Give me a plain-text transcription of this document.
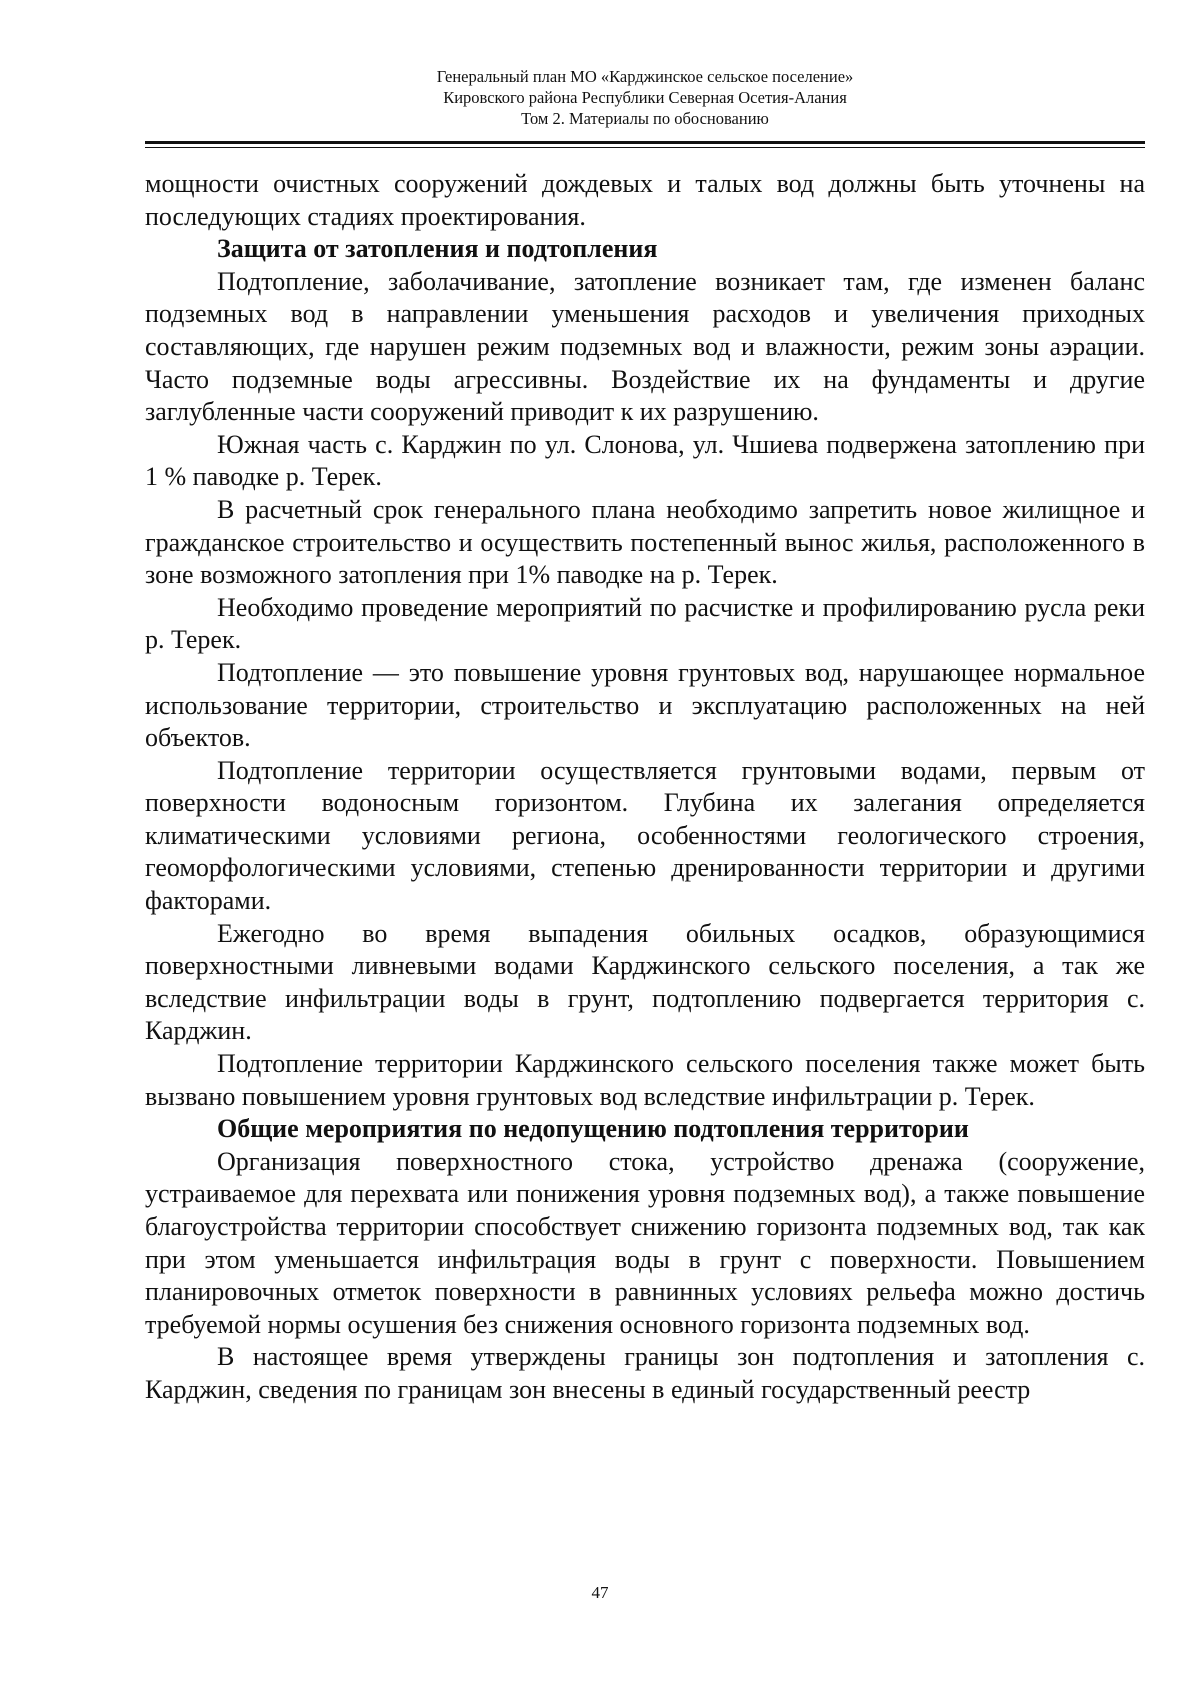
Генеральный план МО «Карджинское сельское поселение»
Кировского района Республики Северная Осетия-Алания
Том 2. Материалы по обоснованию

мощности очистных сооружений дождевых и талых вод должны быть уточнены на последующих стадиях проектирования.

Защита от затопления и подтопления

Подтопление, заболачивание, затопление возникает там, где изменен баланс подземных вод в направлении уменьшения расходов и увеличения приходных составляющих, где нарушен режим подземных вод и влажности, режим зоны аэрации. Часто подземные воды агрессивны. Воздействие их на фундаменты и другие заглубленные части сооружений приводит к их разрушению.

Южная часть с. Карджин по ул. Слонова, ул. Чшиева подвержена затоплению при 1 % паводке р. Терек.

В расчетный срок генерального плана необходимо запретить новое жилищное и гражданское строительство и осуществить постепенный вынос жилья, расположенного в зоне возможного затопления при 1% паводке на р. Терек.

Необходимо проведение мероприятий по расчистке и профилированию русла реки р. Терек.

Подтопление — это повышение уровня грунтовых вод, нарушающее нормальное использование территории, строительство и эксплуатацию расположенных на ней объектов.

Подтопление территории осуществляется грунтовыми водами, первым от поверхности водоносным горизонтом. Глубина их залегания определяется климатическими условиями региона, особенностями геологического строения, геоморфологическими условиями, степенью дренированности территории и другими факторами.

Ежегодно во время выпадения обильных осадков, образующимися поверхностными ливневыми водами Карджинского сельского поселения, а так же вследствие инфильтрации воды в грунт, подтоплению подвергается территория с. Карджин.

Подтопление территории Карджинского сельского поселения также может быть вызвано повышением уровня грунтовых вод вследствие инфильтрации р. Терек.

Общие мероприятия по недопущению подтопления территории

Организация поверхностного стока, устройство дренажа (сооружение, устраиваемое для перехвата или понижения уровня подземных вод), а также повышение благоустройства территории способствует снижению горизонта подземных вод, так как при этом уменьшается инфильтрация воды в грунт с поверхности. Повышением планировочных отметок поверхности в равнинных условиях рельефа можно достичь требуемой нормы осушения без снижения основного горизонта подземных вод.

В настоящее время утверждены границы зон подтопления и затопления с. Карджин, сведения по границам зон внесены в единый государственный реестр

47
